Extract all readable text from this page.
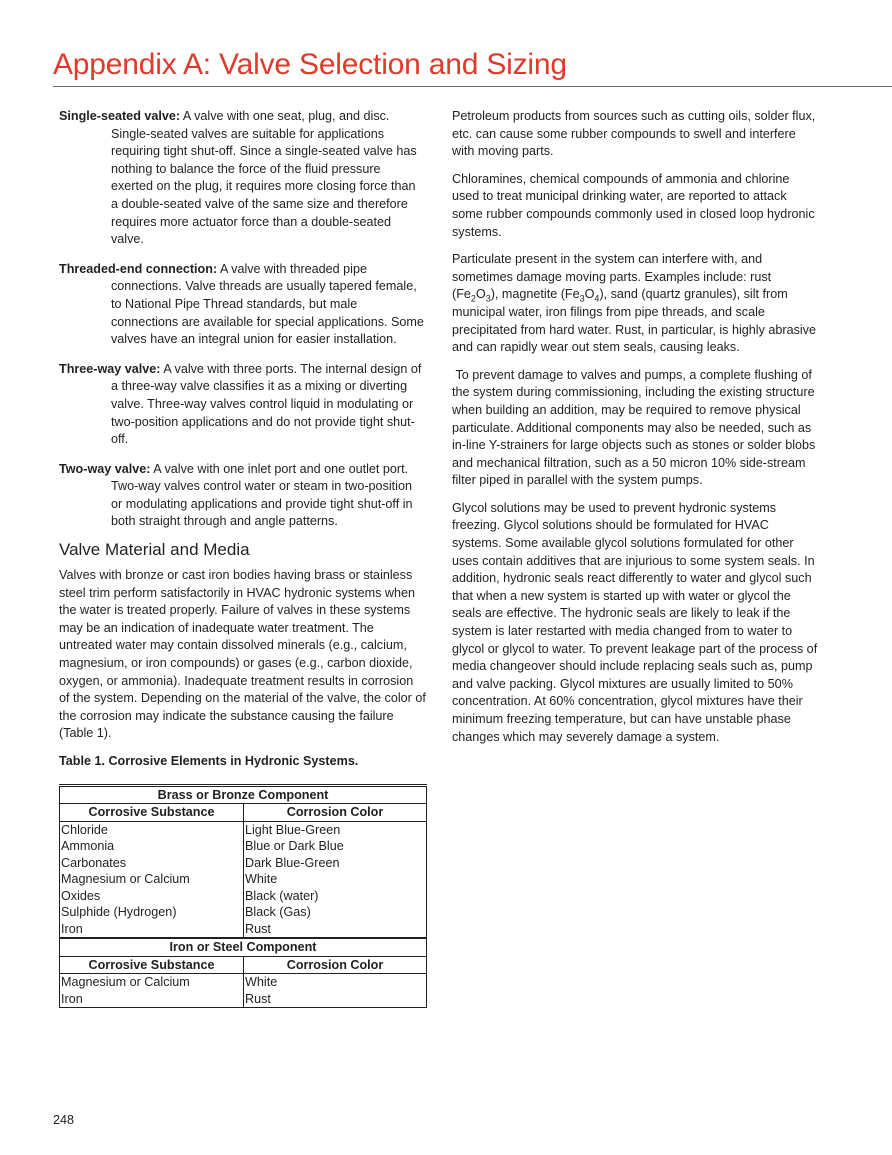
Appendix A: Valve Selection and Sizing

Single-seated valve: A valve with one seat, plug, and disc. Single-seated valves are suitable for applications requiring tight shut-off. Since a single-seated valve has nothing to balance the force of the fluid pressure exerted on the plug, it requires more closing force than a double-seated valve of the same size and therefore requires more actuator force than a double-seated valve.

Threaded-end connection: A valve with threaded pipe connections. Valve threads are usually tapered female, to National Pipe Thread standards, but male connections are available for special applications. Some valves have an integral union for easier installation.

Three-way valve: A valve with three ports. The internal design of a three-way valve classifies it as a mixing or diverting valve. Three-way valves control liquid in modulating or two-position applications and do not provide tight shut-off.

Two-way valve: A valve with one inlet port and one outlet port. Two-way valves control water or steam in two-position or modulating applications and provide tight shut-off in both straight through and angle patterns.

Valve Material and Media

Valves with bronze or cast iron bodies having brass or stainless steel trim perform satisfactorily in HVAC hydronic systems when the water is treated properly. Failure of valves in these systems may be an indication of inadequate water treatment. The untreated water may contain dissolved minerals (e.g., calcium, magnesium, or iron compounds) or gases (e.g., carbon dioxide, oxygen, or ammonia). Inadequate treatment results in corrosion of the system. Depending on the material of the valve, the color of the corrosion may indicate the substance causing the failure (Table 1).

Table 1. Corrosive Elements in Hydronic Systems.

Brass or Bronze Component	
Corrosive Substance	Corrosion Color
Chloride	Light Blue-Green
Ammonia	Blue or Dark Blue
Carbonates	Dark Blue-Green
Magnesium or Calcium	White
Oxides	Black (water)
Sulphide (Hydrogen)	Black (Gas)
Iron	Rust
Iron or Steel Component	
Corrosive Substance	Corrosion Color
Magnesium or Calcium	White
Iron	Rust

Petroleum products from sources such as cutting oils, solder flux, etc. can cause some rubber compounds to swell and interfere with moving parts.

Chloramines, chemical compounds of ammonia and chlorine used to treat municipal drinking water, are reported to attack some rubber compounds commonly used in closed loop hydronic systems.

Particulate present in the system can interfere with, and sometimes damage moving parts. Examples include: rust $(Fe_2O_3)$, magnetite $(Fe_3O_4)$, sand (quartz granules), silt from municipal water, iron filings from pipe threads, and scale precipitated from hard water. Rust, in particular, is highly abrasive and can rapidly wear out stem seals, causing leaks.

To prevent damage to valves and pumps, a complete flushing of the system during commissioning, including the existing structure when building an addition, may be required to remove physical particulate. Additional components may also be needed, such as in-line Y-strainers for large objects such as stones or solder blobs and mechanical filtration, such as a 50 micron 10% side-stream filter piped in parallel with the system pumps.

Glycol solutions may be used to prevent hydronic systems freezing. Glycol solutions should be formulated for HVAC systems. Some available glycol solutions formulated for other uses contain additives that are injurious to some system seals. In addition, hydronic seals react differently to water and glycol such that when a new system is started up with water or glycol the seals are effective. The hydronic seals are likely to leak if the system is later restarted with media changed from to water to glycol or glycol to water. To prevent leakage part of the process of media changeover should include replacing seals such as, pump and valve packing. Glycol mixtures are usually limited to 50% concentration. At 60% concentration, glycol mixtures have their minimum freezing temperature, but can have unstable phase changes which may severely damage a system.

248
